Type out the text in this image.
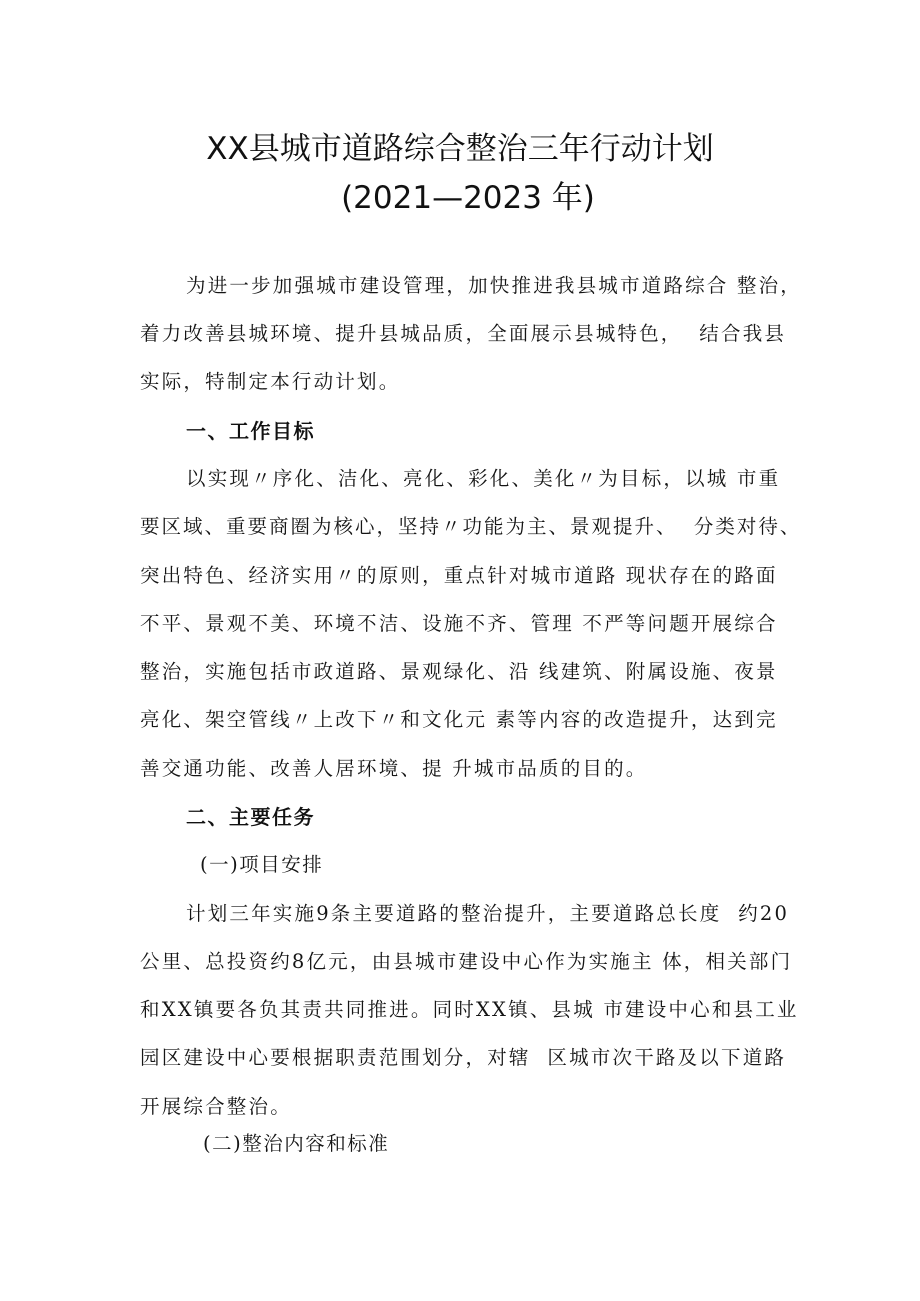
XX县城市道路综合整治三年行动计划
(2021—2023 年)
为进一步加强城市建设管理，加快推进我县城市道路综合 整治，
着力改善县城环境、提升县城品质，全面展示县城特色，  结合我县
实际，特制定本行动计划。
一、工作目标
以实现〃序化、洁化、亮化、彩化、美化〃为目标，以城 市重
要区域、重要商圈为核心，坚持〃功能为主、景观提升、  分类对待、
突出特色、经济实用〃的原则，重点针对城市道路 现状存在的路面
不平、景观不美、环境不洁、设施不齐、管理 不严等问题开展综合
整治，实施包括市政道路、景观绿化、沿 线建筑、附属设施、夜景
亮化、架空管线〃上改下〃和文化元 素等内容的改造提升，达到完
善交通功能、改善人居环境、提 升城市品质的目的。
二、主要任务
(一)项目安排
计划三年实施9条主要道路的整治提升，主要道路总长度  约20
公里、总投资约8亿元，由县城市建设中心作为实施主 体，相关部门
和XX镇要各负其责共同推进。同时XX镇、县城 市建设中心和县工业
园区建设中心要根据职责范围划分，对辖  区城市次干路及以下道路
开展综合整治。
(二)整治内容和标准
